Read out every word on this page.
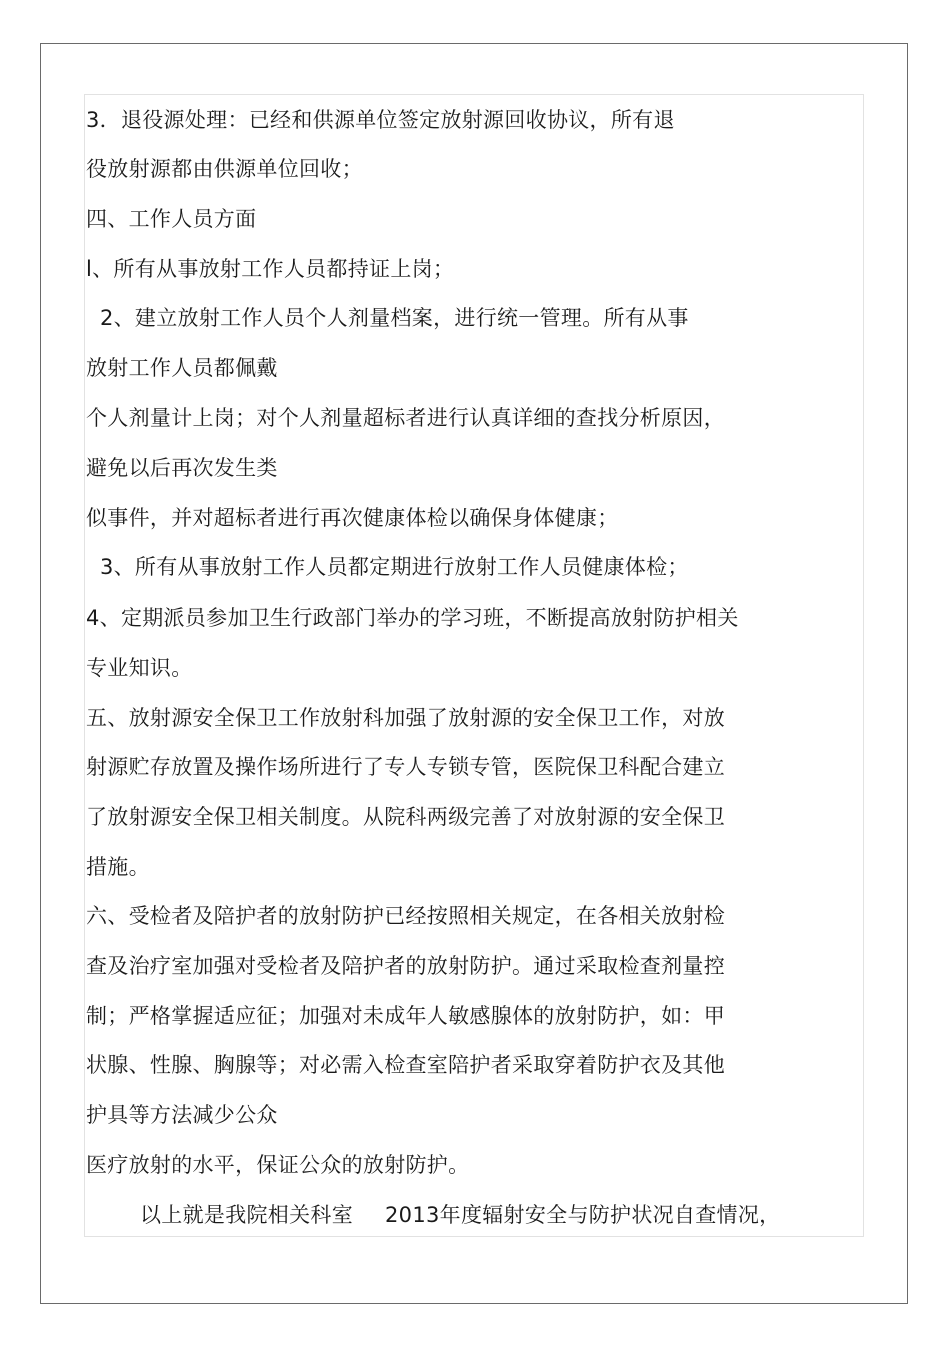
3．退役源处理：已经和供源单位签定放射源回收协议，所有退
役放射源都由供源单位回收；
四、工作人员方面
l、所有从事放射工作人员都持证上岗；
2、建立放射工作人员个人剂量档案，进行统一管理。所有从事
放射工作人员都佩戴
个人剂量计上岗；对个人剂量超标者进行认真详细的查找分析原因，
避免以后再次发生类
似事件，并对超标者进行再次健康体检以确保身体健康；
3、所有从事放射工作人员都定期进行放射工作人员健康体检；
4、定期派员参加卫生行政部门举办的学习班，不断提高放射防护相关
专业知识。
五、放射源安全保卫工作放射科加强了放射源的安全保卫工作，对放
射源贮存放置及操作场所进行了专人专锁专管，医院保卫科配合建立
了放射源安全保卫相关制度。从院科两级完善了对放射源的安全保卫
措施。
六、受检者及陪护者的放射防护已经按照相关规定，在各相关放射检
查及治疗室加强对受检者及陪护者的放射防护。通过采取检查剂量控
制；严格掌握适应征；加强对未成年人敏感腺体的放射防护，如：甲
状腺、性腺、胸腺等；对必需入检查室陪护者采取穿着防护衣及其他
护具等方法减少公众
医疗放射的水平，保证公众的放射防护。
以上就是我院相关科室 2013年度辐射安全与防护状况自查情况，
